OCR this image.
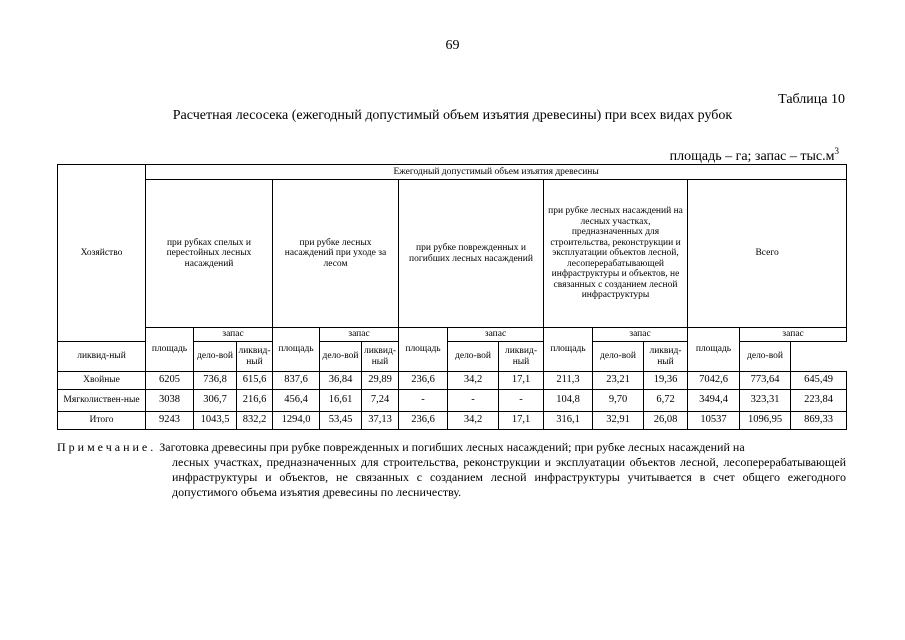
69
Таблица 10
Расчетная лесосека (ежегодный допустимый объем изъятия древесины) при всех видах рубок
площадь – га; запас – $тыс.м^3$
Хозяйство	Ежегодный допустимый объем изъятия древесины														
	при рубках спелых и перестойных лесных насаждений			при рубке лесных насаждений при уходе за лесом			при рубке поврежденных и погибших лесных насаждений			при рубке лесных насаждений на лесных участках, предназначенных для строительства, реконструкции и эксплуатации объектов лесной, лесоперерабатывающей инфраструктуры и объектов, не связанных с созданием лесной инфраструктуры			Всего		
	площадь	запас		площадь	запас		площадь	запас		площадь	запас		площадь	запас	
ликвид-ный		дело-вой	ликвид-ный		дело-вой	ликвид-ный		дело-вой	ликвид-ный		дело-вой	ликвид-ный		дело-вой	
Хвойные	6205	736,8	615,6	837,6	36,84	29,89	236,6	34,2	17,1	211,3	23,21	19,36	7042,6	773,64	645,49
Мягколиствен-ные	3038	306,7	216,6	456,4	16,61	7,24	-	-	-	104,8	9,70	6,72	3494,4	323,31	223,84
Итого	9243	1043,5	832,2	1294,0	53,45	37,13	236,6	34,2	17,1	316,1	32,91	26,08	10537	1096,95	869,33
Примечание. Заготовка древесины при рубке поврежденных и погибших лесных насаждений; при рубке лесных насаждений на
лесных участках, предназначенных для строительства, реконструкции и эксплуатации объектов лесной, лесоперерабатывающей инфраструктуры и объектов, не связанных с созданием лесной инфраструктуры учитывается в счет общего ежегодного допустимого объема изъятия древесины по лесничеству.
